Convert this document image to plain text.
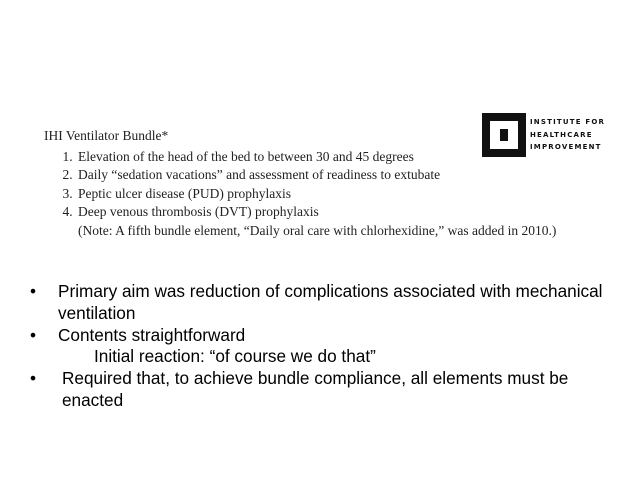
IHI Ventilator Bundle*
1. Elevation of the head of the bed to between 30 and 45 degrees
2. Daily “sedation vacations” and assessment of readiness to extubate
3. Peptic ulcer disease (PUD) prophylaxis
4. Deep venous thrombosis (DVT) prophylaxis
(Note: A fifth bundle element, “Daily oral care with chlorhexidine,” was added in 2010.)
INSTITUTE FOR
HEALTHCARE
IMPROVEMENT
•	Primary aim was reduction of complications associated with mechanical ventilation
•	Contents straightforward
Initial reaction: “of course we do that”
•	Required that, to achieve bundle compliance, all elements must be enacted
